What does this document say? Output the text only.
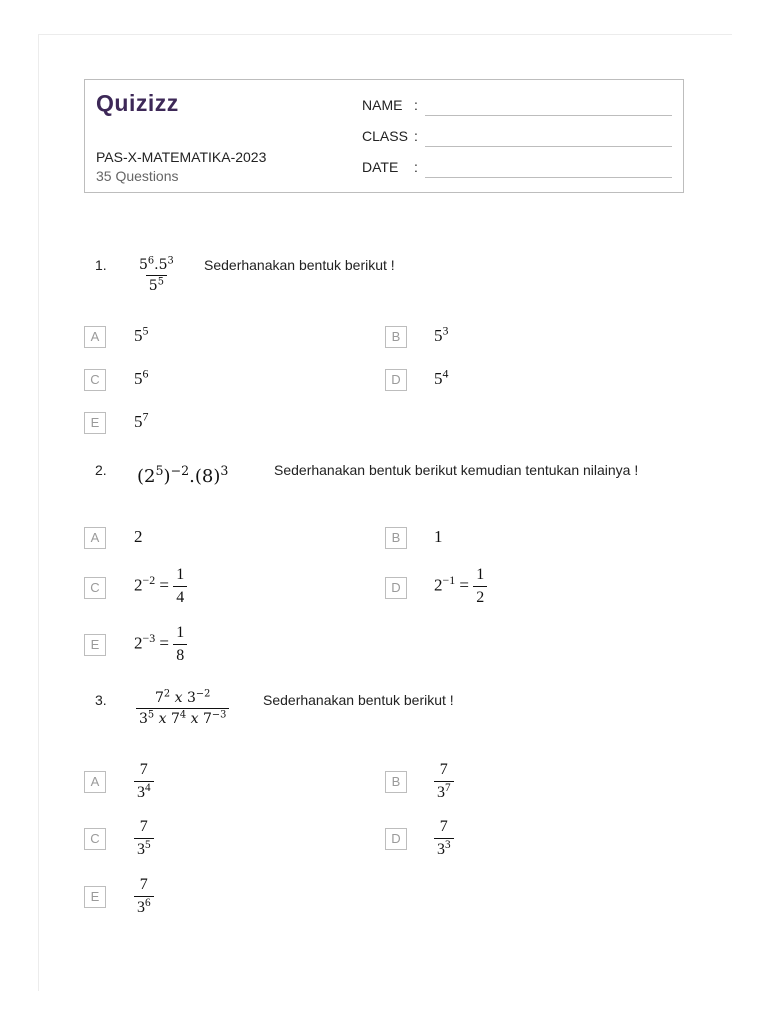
Quizizz
PAS-X-MATEMATIKA-2023
35 Questions
NAME :
CLASS :
DATE :
1. $\frac{5^6.5^3}{5^5}$ Sederhanakan bentuk berikut !
A	$5^5$	B	$5^3$
C	$5^6$	D	$5^4$
E	$5^7$
2. $(2^5)^{-2}.(8)^3$	Sederhanakan bentuk berikut kemudian tentukan nilainya !
A	2	B	1
C	$2^{-2} = \frac{1}{4}$	D	$2^{-1} = \frac{1}{2}$
E	$2^{-3} = \frac{1}{8}$
3. $\frac{7^2 x 3^{-2}}{3^5 x 7^4 x 7^{-3}}$ Sederhanakan bentuk berikut !
A	$\frac{7}{3^4}$	B	$\frac{7}{3^7}$
C	$\frac{7}{3^5}$	D	$\frac{7}{3^3}$
E	$\frac{7}{3^6}$
